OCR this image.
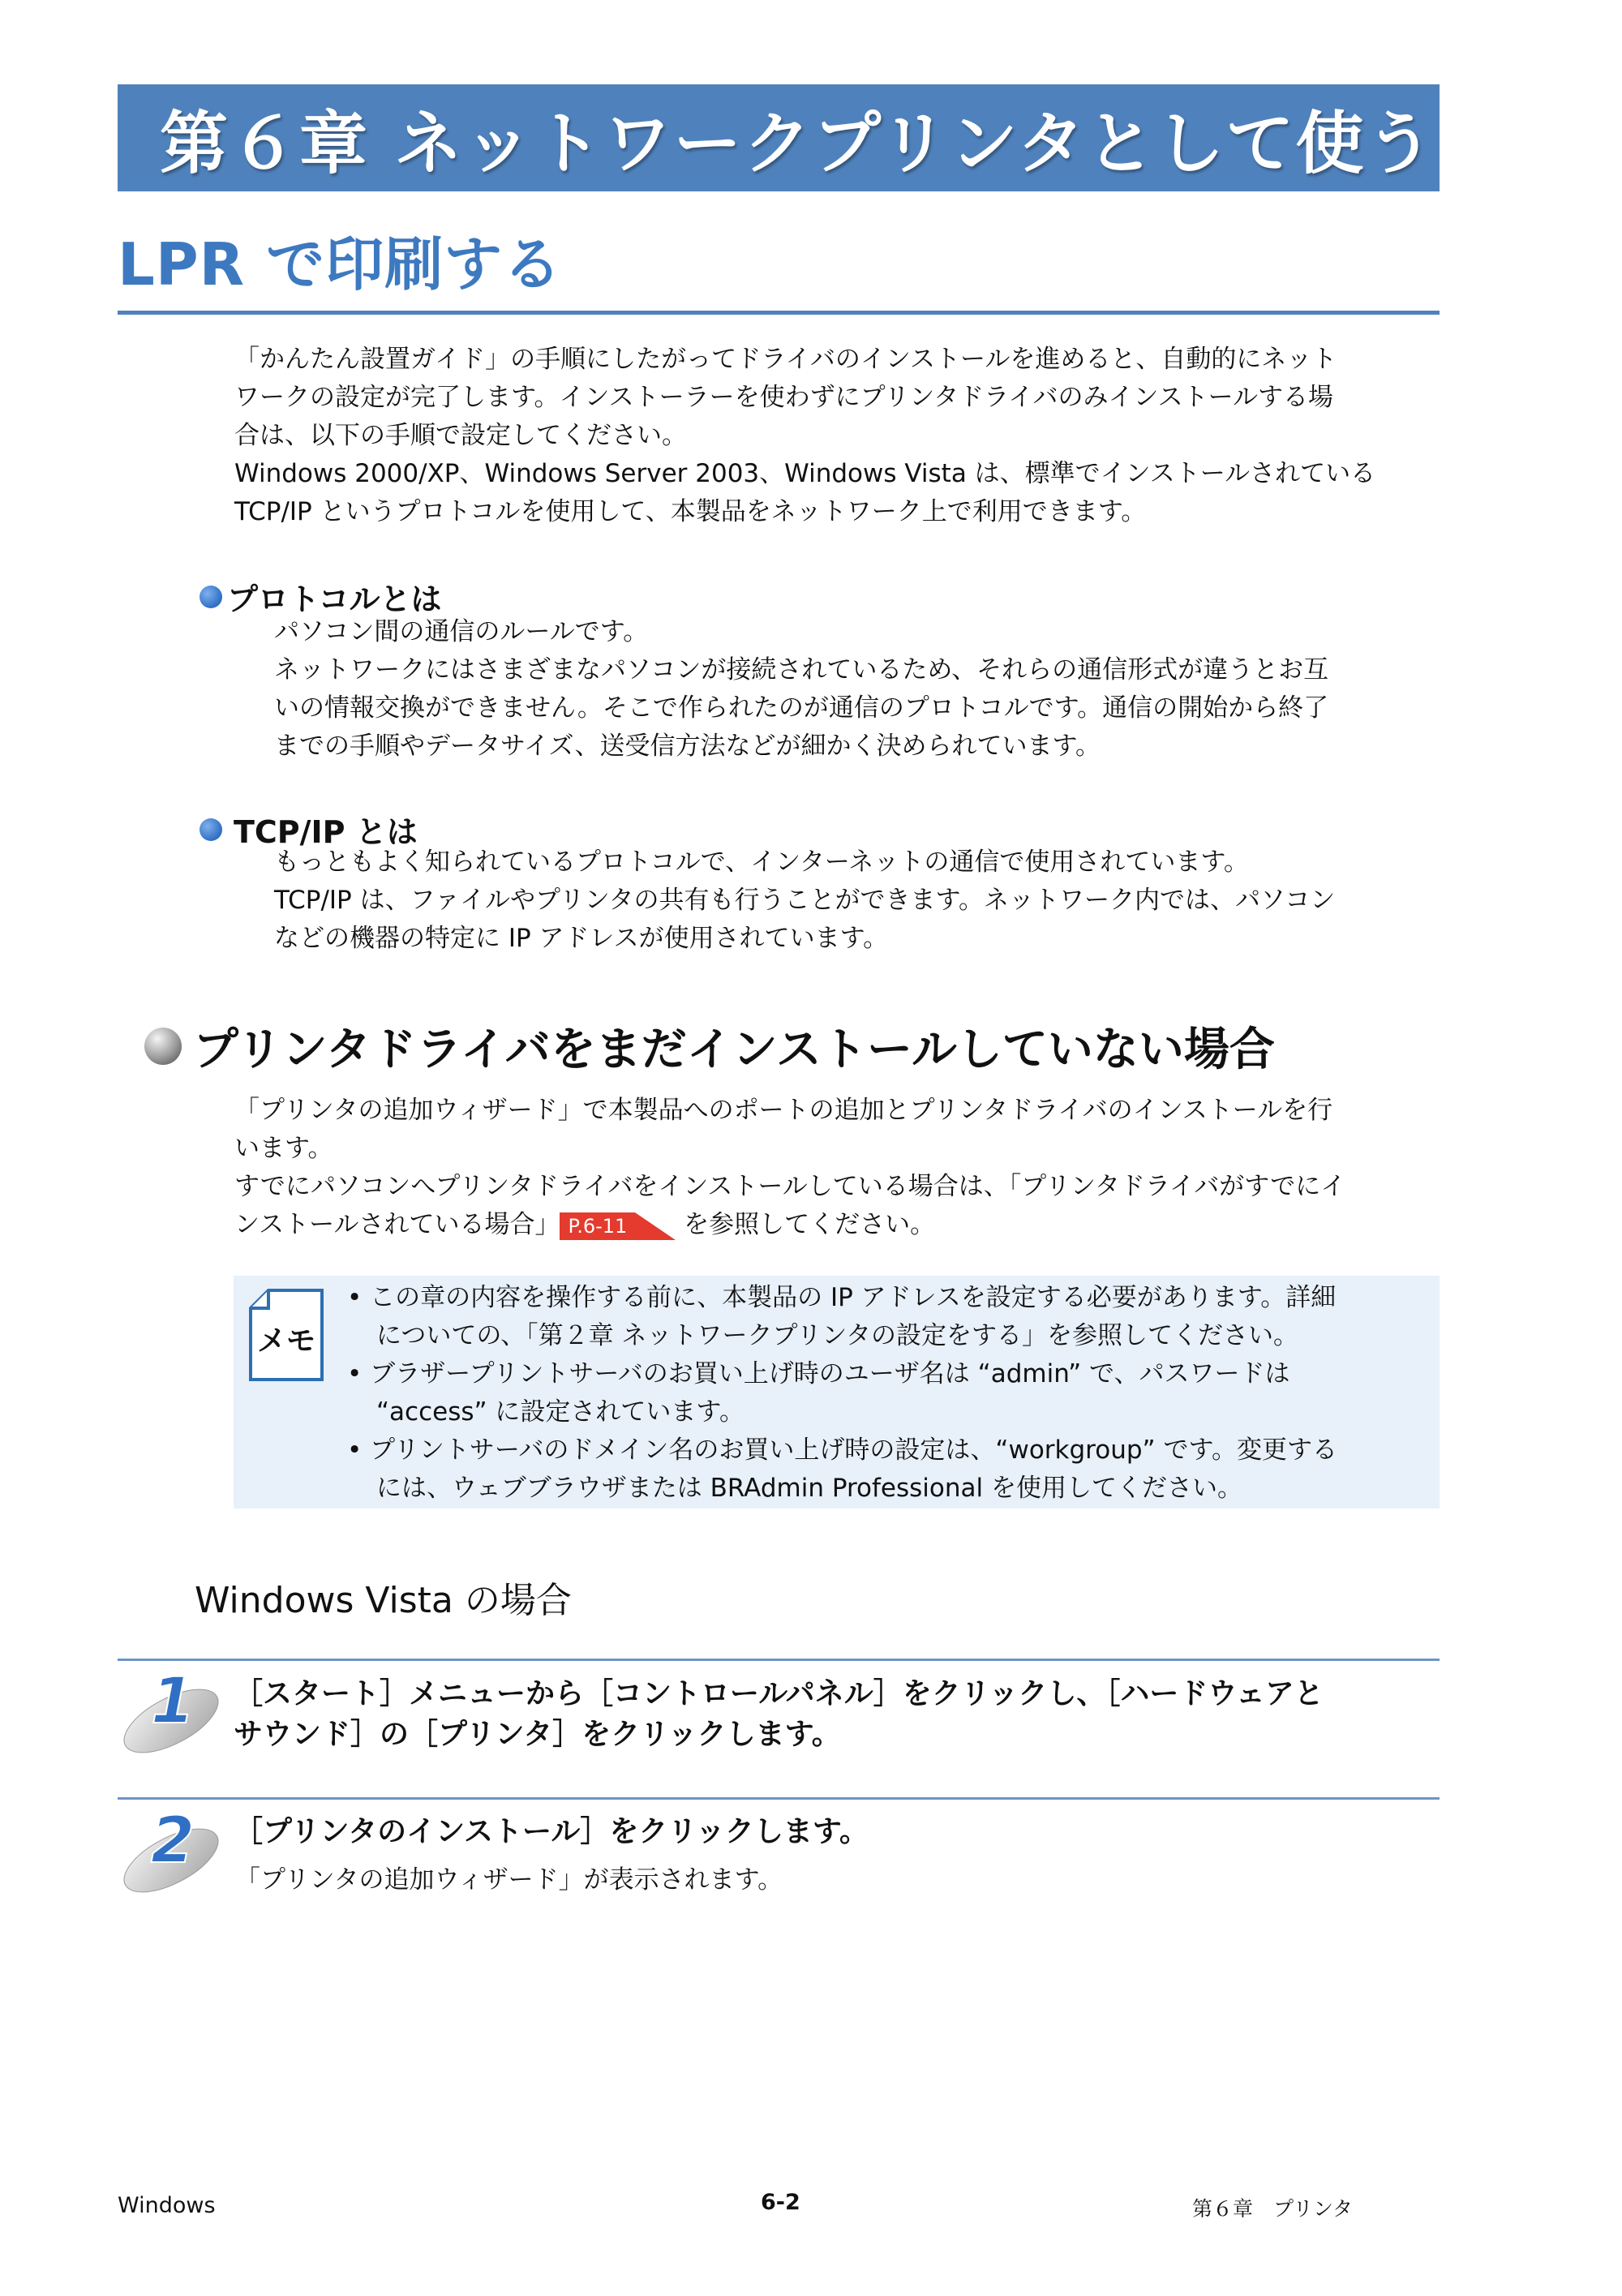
第６章 ネットワークプリンタとして使う
LPR で印刷する
「かんたん設置ガイド」の手順にしたがってドライバのインストールを進めると、自動的にネット
ワークの設定が完了します。インストーラーを使わずにプリンタドライバのみインストールする場
合は、以下の手順で設定してください。
Windows 2000/XP、Windows Server 2003、Windows Vista は、標準でインストールされている
TCP/IP というプロトコルを使用して、本製品をネットワーク上で利用できます。
プロトコルとは
パソコン間の通信のルールです。
ネットワークにはさまざまなパソコンが接続されているため、それらの通信形式が違うとお互
いの情報交換ができません。そこで作られたのが通信のプロトコルです。通信の開始から終了
までの手順やデータサイズ、送受信方法などが細かく決められています。
TCP/IP とは
もっともよく知られているプロトコルで、インターネットの通信で使用されています。
TCP/IP は、ファイルやプリンタの共有も行うことができます。ネットワーク内では、パソコン
などの機器の特定に IP アドレスが使用されています。
プリンタドライバをまだインストールしていない場合
「プリンタの追加ウィザード」で本製品へのポートの追加とプリンタドライバのインストールを行
います。
すでにパソコンへプリンタドライバをインストールしている場合は、「プリンタドライバがすでにイ
ンストールされている場合」 P.6-11 を参照してください。
メモ
• この章の内容を操作する前に、本製品の IP アドレスを設定する必要があります。詳細
についての、「第２章 ネットワークプリンタの設定をする」を参照してください。
• ブラザープリントサーバのお買い上げ時のユーザ名は “admin” で、パスワードは
“access” に設定されています。
• プリントサーバのドメイン名のお買い上げ時の設定は、“workgroup” です。変更する
には、ウェブブラウザまたは BRAdmin Professional を使用してください。
Windows Vista の場合
1 ［スタート］メニューから［コントロールパネル］をクリックし、［ハードウェアと
サウンド］の［プリンタ］をクリックします。
2 ［プリンタのインストール］をクリックします。
「プリンタの追加ウィザード」が表示されます。
Windows	6-2	第６章　プリンタ
